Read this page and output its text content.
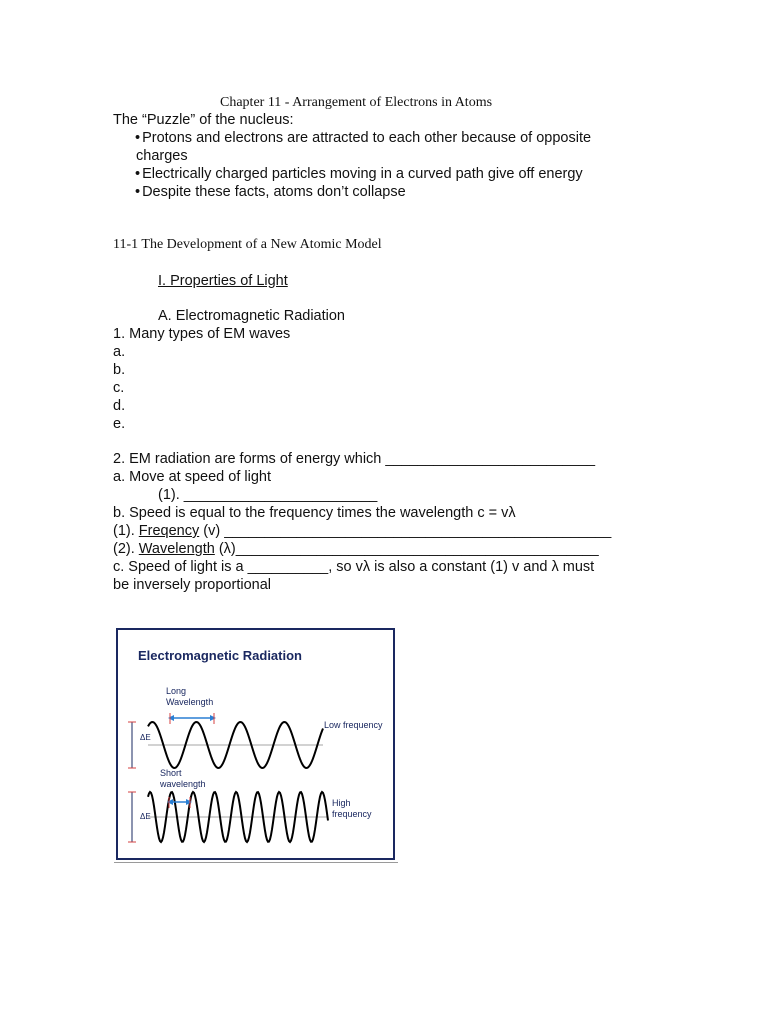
Chapter 11 - Arrangement of Electrons in Atoms
The “Puzzle” of the nucleus:
• Protons and electrons are attracted to each other because of opposite
charges
• Electrically charged particles moving in a curved path give off energy
• Despite these facts, atoms don’t collapse
11-1 The Development of a New Atomic Model
I. Properties of Light
A. Electromagnetic Radiation
1. Many types of EM waves
a.
b.
c.
d.
e.
2. EM radiation are forms of energy which __________________________
a. Move at speed of light
(1). ________________________
b. Speed is equal to the frequency times the wavelength c = vλ
(1). Freqency (v) ________________________________________________
(2). Wavelength (λ)_____________________________________________
c. Speed of light is a __________, so vλ is also a constant (1) v and λ must
be inversely proportional
Electromagnetic Radiation
Long
Wavelength
Low frequency
ΔE
Short
wavelength
High
frequency
ΔE
